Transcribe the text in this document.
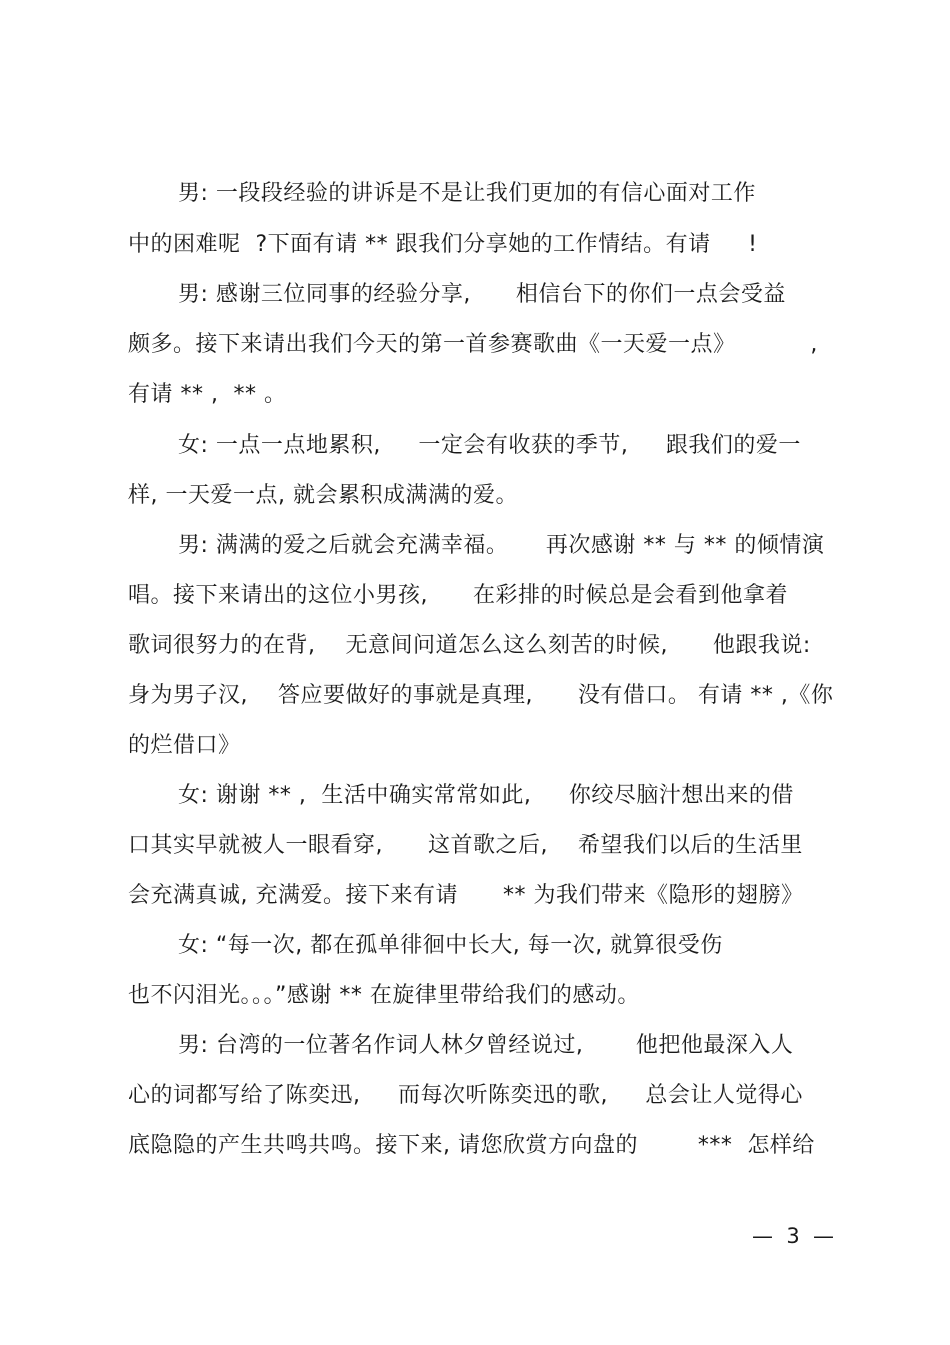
男: 一段段经验的讲诉是不是让我们更加的有信心面对工作
中的困难呢  ?下面有请 ** 跟我们分享她的工作情结。有请     !
男: 感谢三位同事的经验分享,      相信台下的你们一点会受益
颇多。接下来请出我们今天的第一首参赛歌曲《一天爱一点》          ,
有请 ** ,  ** 。
女: 一点一点地累积,     一定会有收获的季节,     跟我们的爱一
样, 一天爱一点, 就会累积成满满的爱。
男: 满满的爱之后就会充满幸福。     再次感谢 ** 与 ** 的倾情演
唱。接下来请出的这位小男孩,      在彩排的时候总是会看到他拿着
歌词很努力的在背,    无意间问道怎么这么刻苦的时候,      他跟我说:
身为男子汉,    答应要做好的事就是真理,      没有借口。 有请 ** ,《你
的烂借口》
女: 谢谢 ** ,  生活中确实常常如此,     你绞尽脑汁想出来的借
口其实早就被人一眼看穿,      这首歌之后,    希望我们以后的生活里
会充满真诚, 充满爱。接下来有请      ** 为我们带来《隐形的翅膀》
女: “每一次, 都在孤单徘徊中长大, 每一次, 就算很受伤
也不闪泪光。。。”感谢 ** 在旋律里带给我们的感动。
男: 台湾的一位著名作词人林夕曾经说过,       他把他最深入人
心的词都写给了陈奕迅,     而每次听陈奕迅的歌,     总会让人觉得心
底隐隐的产生共鸣共鸣。接下来, 请您欣赏方向盘的        ***  怎样给
—  3  —
